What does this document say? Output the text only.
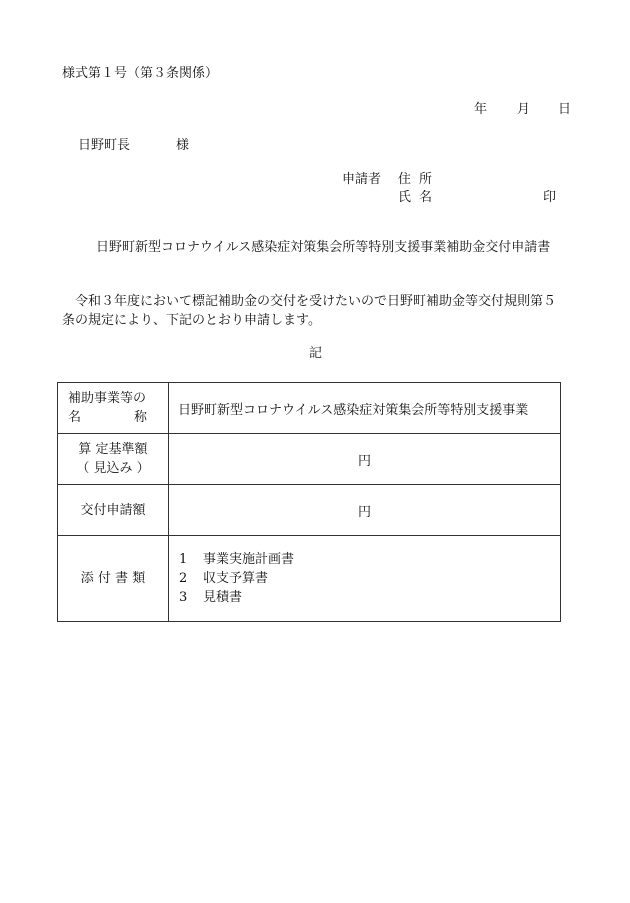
様式第１号（第３条関係）
年 月 日
日野町長	様
申請者 住所
氏名	印
日野町新型コロナウイルス感染症対策集会所等特別支援事業補助金交付申請書
令和３年度において標記補助金の交付を受けたいので日野町補助金等交付規則第５条の規定により、下記のとおり申請します。
記
補助事業等の
名 称	日野町新型コロナウイルス感染症対策集会所等特別支援事業

算 定基準額
（ 見込み ）	円
交付申請額	円
添 付 書 類	1 事業実施計画書
2 収支予算書
3 見積書
